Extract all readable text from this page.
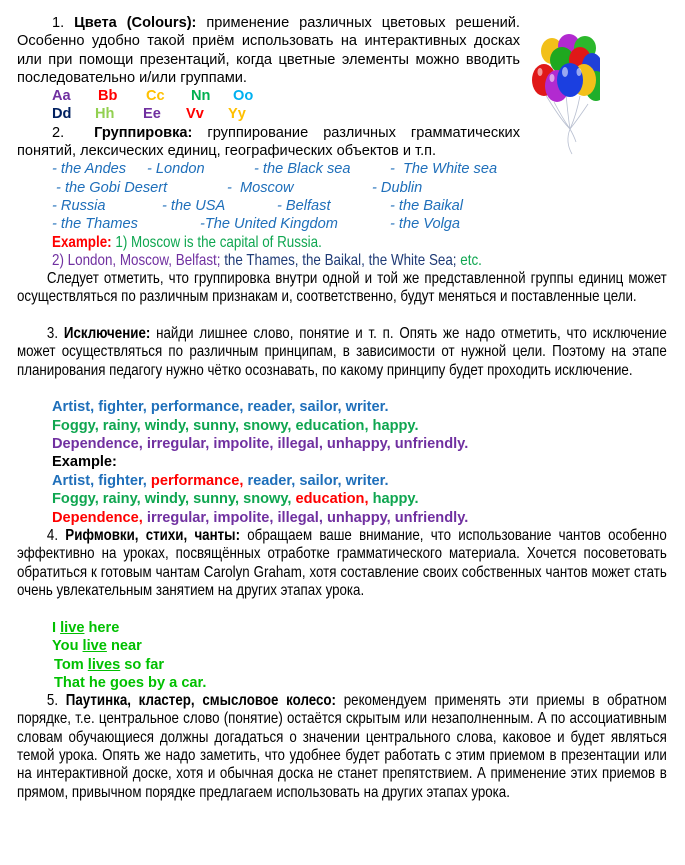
1. Цвета (Colours): применение различных цветовых решений. Особенно удобно такой приём использовать на интерактивных досках или при помощи презентаций, когда цветные элементы можно вводить последовательно и/или группами.

Aa	Bb	Cc	Nn	Oo
Dd	Hh	Ee	Vv	Yy

2. Группировка: группирование различных грамматических понятий, лексических единиц, географических объектов и т.п.

- the Andes - London	- the Black sea	-  The White sea
- the Gobi Desert	-  Moscow	- Dublin
- Russia	- the USA	- Belfast	- the Baikal
- the Thames	-The United Kingdom	- the Volga
Example: 1) Moscow is the capital of Russia.
2) London, Moscow, Belfast; the Thames, the Baikal, the White Sea; etc.

Следует отметить, что группировка внутри одной и той же представленной группы единиц может осуществляться по различным признакам и, соответственно, будут меняться и поставленные цели.

3. Исключение: найди лишнее слово, понятие и т. п. Опять же надо отметить, что исключение может осуществляться по различным принципам, в зависимости от нужной цели. Поэтому на этапе планирования педагогу нужно чётко осознавать, по какому принципу будет проходить исключение.

Artist, fighter, performance, reader, sailor, writer.
Foggy, rainy, windy, sunny, snowy, education, happy.
Dependence, irregular, impolite, illegal, unhappy, unfriendly.
Example:
Artist, fighter, performance, reader, sailor, writer.
Foggy, rainy, windy, sunny, snowy, education, happy.
Dependence, irregular, impolite, illegal, unhappy, unfriendly.

4. Рифмовки, стихи, чанты: обращаем ваше внимание, что использование чантов особенно эффективно на уроках, посвящённых отработке грамматического материала. Хочется посоветовать обратиться к готовым чантам Carolyn Graham, хотя составление своих собственных чантов может стать очень увлекательным занятием на других этапах урока.

I live here
You live near
Tom lives so far
That he goes by a car.

5. Паутинка, кластер, смысловое колесо: рекомендуем применять эти приемы в обратном порядке, т.е. центральное слово (понятие) остаётся скрытым или незаполненным. А по ассоциативным словам обучающиеся должны догадаться о значении центрального слова, каковое и будет являться темой урока. Опять же надо заметить, что удобнее будет работать с этим приемом в презентации или на интерактивной доске, хотя и обычная доска не станет препятствием. А применение этих приемов в прямом, привычном порядке предлагаем использовать на других этапах урока.
